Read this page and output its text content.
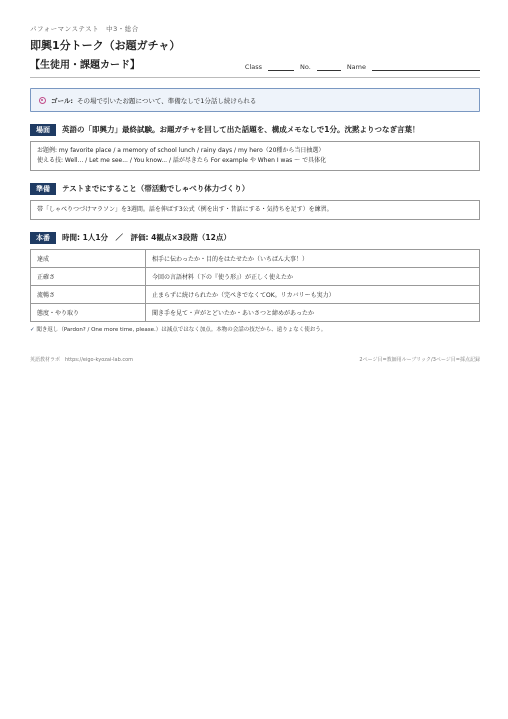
パフォーマンステスト　中3・総合
即興1分トーク（お題ガチャ）
【生徒用・課題カード】	Class	No.	Name
ゴール: その場で引いたお題について、準備なしで1分話し続けられる
場面	英語の「即興力」最終試験。お題ガチャを回して出た話題を、構成メモなしで1分。沈黙よりつなぎ言葉！
お題例: my favorite place / a memory of school lunch / rainy days / my hero（20種から当日抽選）
使える技: Well... / Let me see... / You know... / 話が尽きたら For example や When I was ～ で具体化
準備	テストまでにすること（帯活動でしゃべり体力づくり）
帯「しゃべりつづけマラソン」を3週間。話を伸ばす3公式（例を出す・昔話にする・気持ちを足す）を練習。
本番	時間: 1人1分　／　評価: 4観点×3段階（12点）
達成	相手に伝わったか・目的をはたせたか（いちばん大事！）
正確さ	今回の言語材料（下の『使う形』）が正しく使えたか
流暢さ	止まらずに続けられたか（完ぺきでなくてOK。リカバリーも実力）
態度・やり取り	聞き手を見て・声がとどいたか・あいさつと締めがあったか
✓ 聞き返し（Pardon? / One more time, please.）は減点ではなく加点。本物の会話の技だから、遠りょなく使おう。
英語教材ラボ　https://eigo-kyozai-lab.com	2ページ目=教師用ルーブリック/3ページ目=採点記録
